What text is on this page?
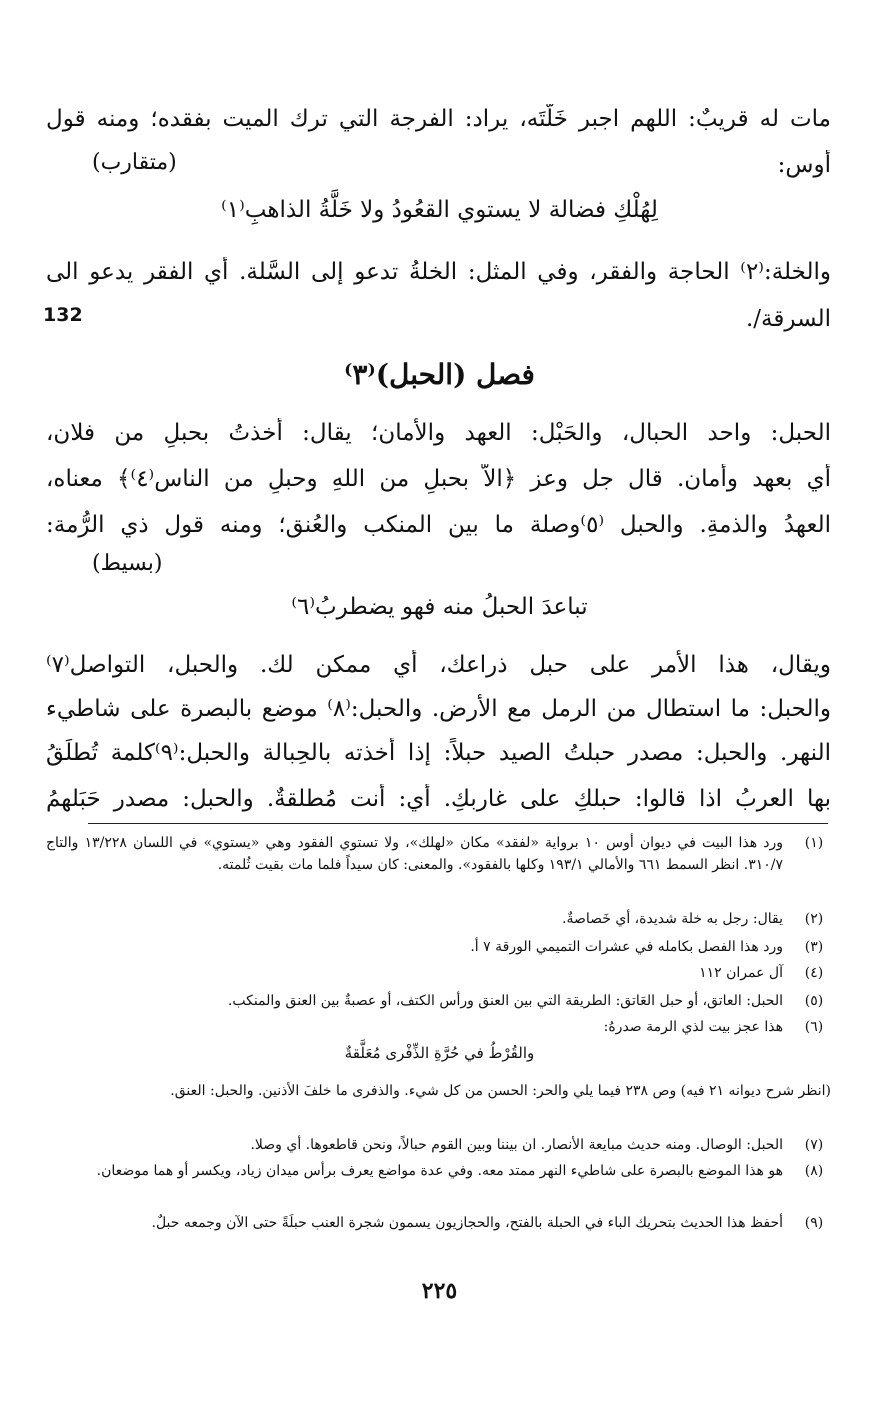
مات له قريبٌ: اللهم اجبر خَلَّتَه، يراد: الفرجة التي ترك الميت بفقده؛ ومنه قول
أوس:
(متقارب)
لِهُلْكِ فضالة لا يستوي القعُودُ ولا خَلَّةُ الذاهبِ⁽١⁾
والخلة:⁽٢⁾ الحاجة والفقر، وفي المثل: الخلةُ تدعو إلى السَّلة. أي الفقر يدعو الى
السرقة/.
132
فصل (الحبل)⁽٣⁾
الحبل: واحد الحبال، والحَبْل: العهد والأمان؛ يقال: أخذتُ بحبلٍ من فلان،
أي بعهد وأمان. قال جل وعز ﴿الاّ بحبلٍ من اللهِ وحبلٍ من الناس⁽٤⁾﴾ معناه،
العهدُ والذمةِ. والحبل ⁽٥⁾وصلة ما بين المنكب والعُنق؛ ومنه قول ذي الرُّمة:
(بسيط)
تباعدَ الحبلُ منه فهو يضطربُ⁽٦⁾
ويقال، هذا الأمر على حبل ذراعك، أي ممكن لك. والحبل، التواصل⁽٧⁾
والحبل: ما استطال من الرمل مع الأرض. والحبل:⁽٨⁾ موضع بالبصرة على شاطيء
النهر. والحبل: مصدر حبلتُ الصيد حبلاً: إذا أخذته بالحِبالة والحبل:⁽٩⁾كلمة تُطلِّقُ
بها العربُ اذا قالوا: حبلكِ على غاربكِ. أي: أنت مُطلقةٌ. والحبل: مصدر حَبَلهمُ
(١)
ورد هذا البيت في ديوان أوس ١٠ برواية «لفقد» مكان «لهلك»، ولا تستوي الفقود وهي «يستوي» في اللسان ١٣/٢٢٨ والتاج ٣١٠/٧. انظر السمط ٦٦١ والأمالي ١٩٣/١ وكلها بالفقود». والمعنى: كان سيداً فلما مات بقيت ثُلمته.
(٢)
يقال: رجل به خلة شديدة، أي خَصاصةٌ.
(٣)
ورد هذا الفصل بكامله في عشرات التميمي الورقة ٧ أ.
(٤)
آل عمران ١١٢
(٥)
الحبل: العاتق، أو حبل العَاتق: الطريقة التي بين العنق ورأس الكتف، أو عصبةٌ بين العنق والمنكب.
(٦)
هذا عجز بيت لذي الرمة صدرهُ:
والقُرْطُ في حُرَّةِ الذِّفْرى مُعَلَّقةٌ
(انظر شرح ديوانه ٢١ فيه) وص ٢٣٨ فيما يلي والحر: الحسن من كل شيء. والذفرى ما خلفَ الأذنين. والحبل: العنق.
(٧)
الحبل: الوصال. ومنه حديث مبايعة الأنصار. ان بيننا وبين القوم حبالاً، ونحن قاطعوها. أي وصلا.
(٨)
هو هذا الموضع بالبصرة على شاطيء النهر ممتد معه. وفي عدة مواضع يعرف برأس ميدان زياد، ويكسر أو هما موضعان.
(٩)
أحفظ هذا الحديث بتحريك الباء في الحبلة بالفتح، والحجازيون يسمون شجرة العنب حبلَةً حتى الآن وجمعه حبلٌ.
٢٢٥
